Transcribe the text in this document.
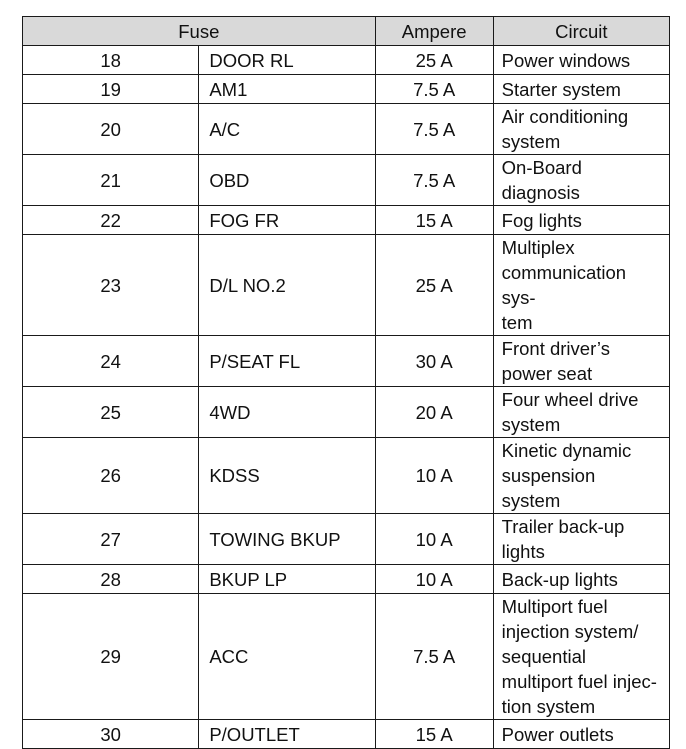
Fuse		Ampere	Circuit
18	DOOR RL	25 A	Power windows

19	AM1	7.5 A	Starter system

20	A/C	7.5 A	Air conditioning system

21	OBD	7.5 A	On-Board diagnosis

22	FOG FR	15 A	Fog lights

23	D/L NO.2	25 A	Multiplex communication sys-
tem

24	P/SEAT FL	30 A	Front driver’s power seat

25	4WD	20 A	Four wheel drive system

26	KDSS	10 A	Kinetic dynamic suspension
system

27	TOWING BKUP	10 A	Trailer back-up lights

28	BKUP LP	10 A	Back-up lights

29	ACC	7.5 A	Multiport fuel injection system/
sequential multiport fuel injec-
tion system

30	P/OUTLET	15 A	Power outlets
